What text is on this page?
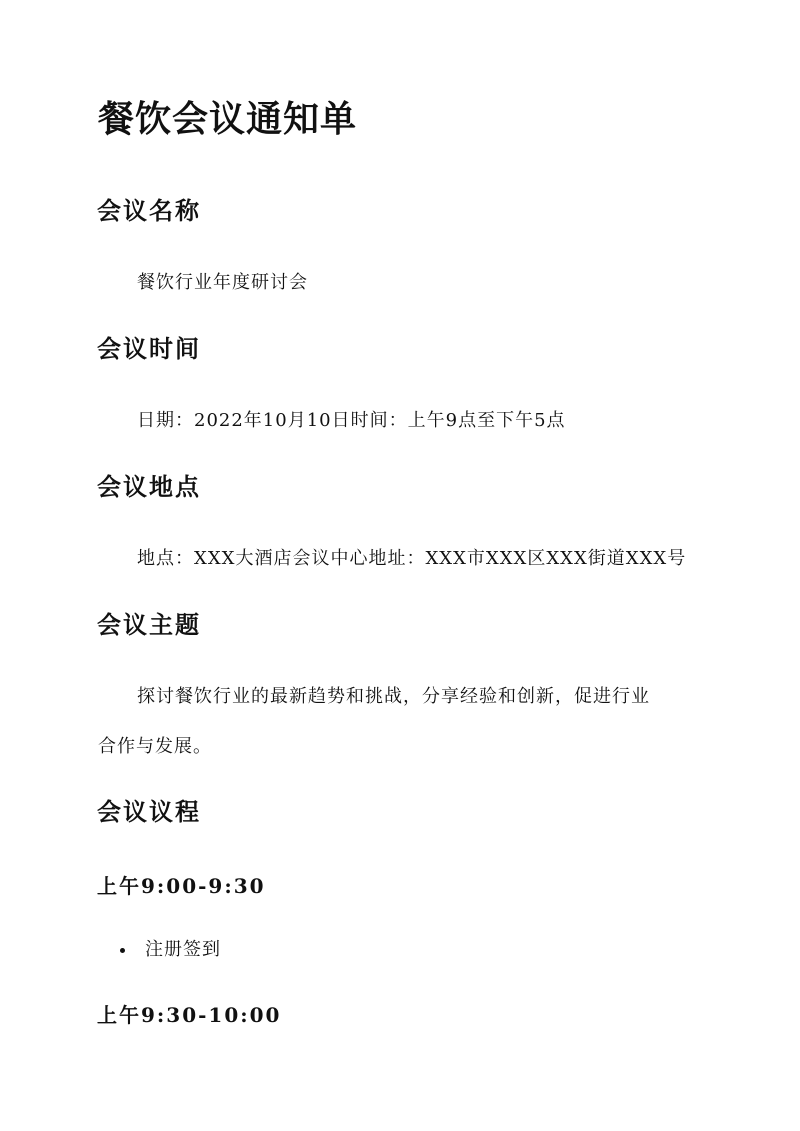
餐饮会议通知单
会议名称

餐饮行业年度研讨会

会议时间

日期：2022年10月10日时间：上午9点至下午5点

会议地点

地点：XXX大酒店会议中心地址：XXX市XXX区XXX街道XXX号

会议主题

探讨餐饮行业的最新趋势和挑战，分享经验和创新，促进行业

合作与发展。

会议议程
上午9:00-9:30
注册签到
上午9:30-10:00
